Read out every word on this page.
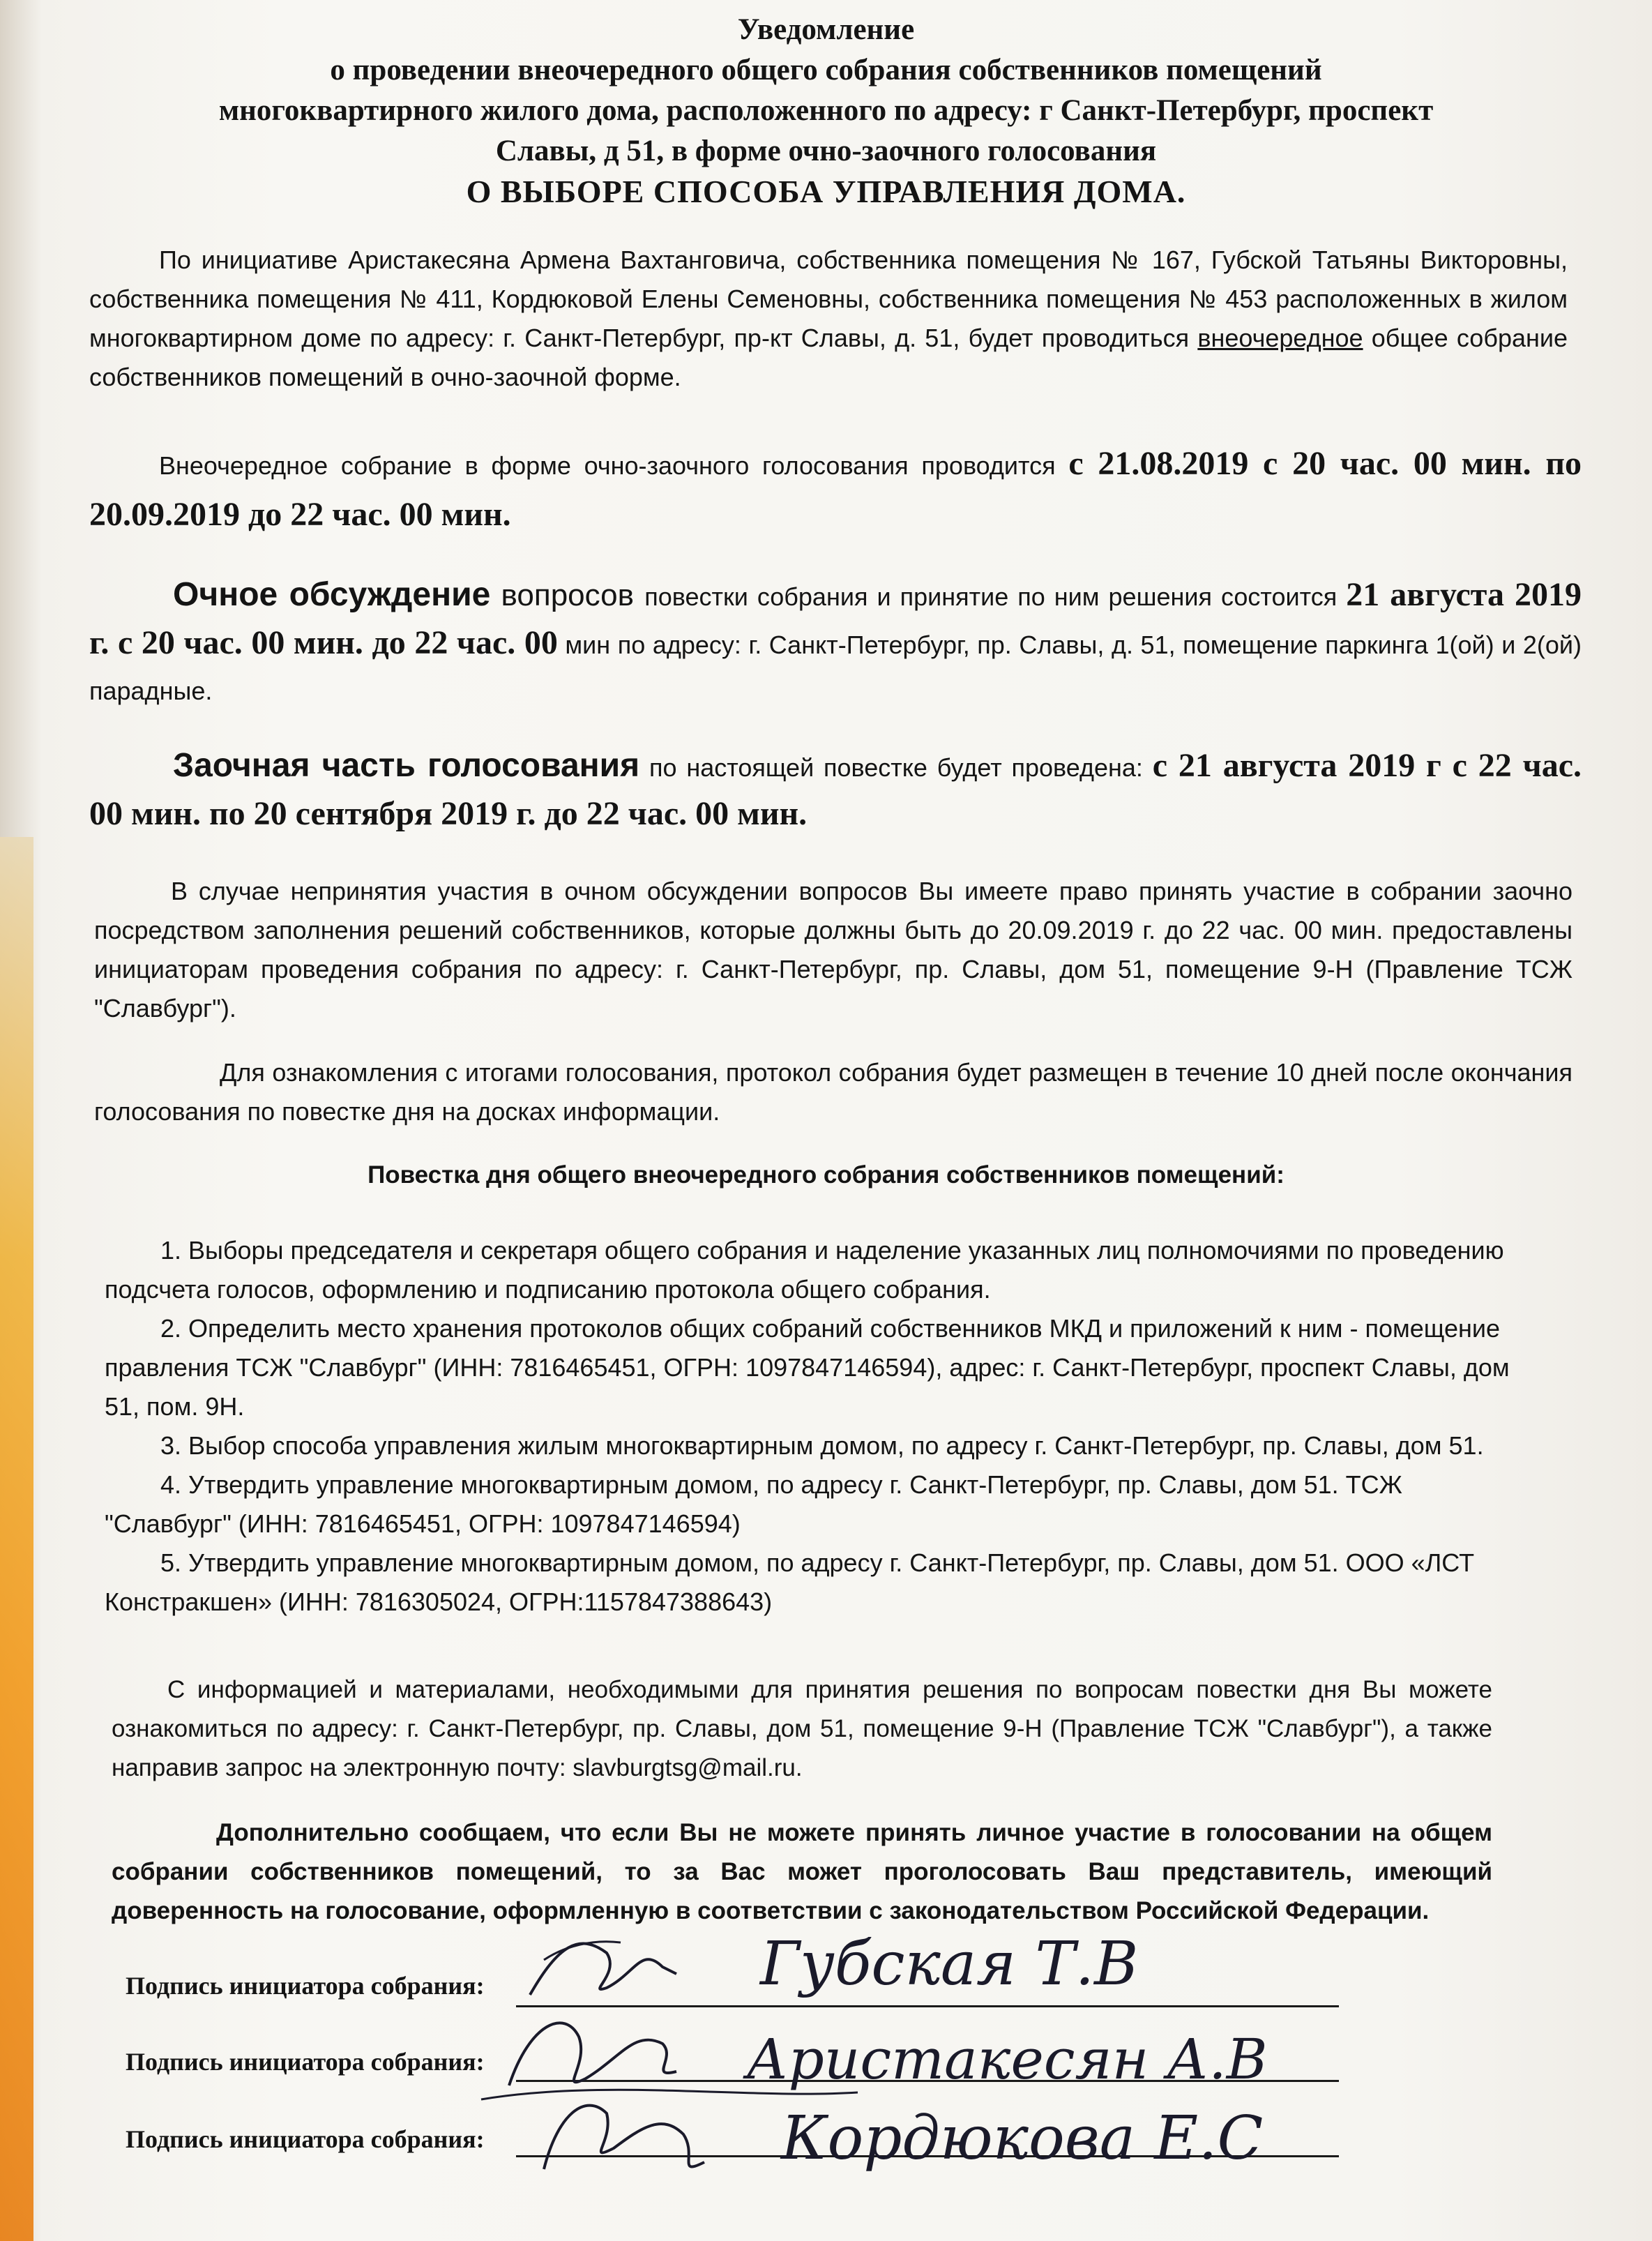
Уведомление
о проведении внеочередного общего собрания собственников помещений
многоквартирного жилого дома, расположенного по адресу: г Санкт-Петербург, проспект
Славы, д 51, в форме очно-заочного голосования
О ВЫБОРЕ СПОСОБА УПРАВЛЕНИЯ ДОМА.
По инициативе Аристакесяна Армена Вахтанговича, собственника помещения № 167, Губской Татьяны Викторовны, собственника помещения № 411, Кордюковой Елены Семеновны, собственника помещения № 453 расположенных в жилом многоквартирном доме по адресу: г. Санкт-Петербург, пр-кт Славы, д. 51, будет проводиться внеочередное общее собрание собственников помещений в очно-заочной форме.
Внеочередное собрание в форме очно-заочного голосования проводится с 21.08.2019 с 20 час. 00 мин. по 20.09.2019 до 22 час. 00 мин.
Очное обсуждение вопросов повестки собрания и принятие по ним решения состоится 21 августа 2019 г. с 20 час. 00 мин. до 22 час. 00 мин по адресу: г. Санкт-Петербург, пр. Славы, д. 51, помещение паркинга 1(ой) и 2(ой) парадные.
Заочная часть голосования по настоящей повестке будет проведена: с 21 августа 2019 г с 22 час. 00 мин. по 20 сентября 2019 г. до 22 час. 00 мин.
В случае непринятия участия в очном обсуждении вопросов Вы имеете право принять участие в собрании заочно посредством заполнения решений собственников, которые должны быть до 20.09.2019 г. до 22 час. 00 мин. предоставлены инициаторам проведения собрания по адресу: г. Санкт-Петербург, пр. Славы, дом 51, помещение 9-Н (Правление ТСЖ "Славбург").
Для ознакомления с итогами голосования, протокол собрания будет размещен в течение 10 дней после окончания голосования по повестке дня на досках информации.
Повестка дня общего внеочередного собрания собственников помещений:

1. Выборы председателя и секретаря общего собрания и наделение указанных лиц полномочиями по проведению подсчета голосов, оформлению и подписанию протокола общего собрания.

2. Определить место хранения протоколов общих собраний собственников МКД и приложений к ним - помещение правления ТСЖ "Славбург" (ИНН: 7816465451, ОГРН: 1097847146594), адрес: г. Санкт-Петербург, проспект Славы, дом 51, пом. 9Н.

3. Выбор способа управления жилым многоквартирным домом, по адресу г. Санкт-Петербург, пр. Славы, дом 51.

4. Утвердить управление многоквартирным домом, по адресу г. Санкт-Петербург, пр. Славы, дом 51. ТСЖ "Славбург" (ИНН: 7816465451, ОГРН: 1097847146594)

5. Утвердить управление многоквартирным домом, по адресу г. Санкт-Петербург, пр. Славы, дом 51. ООО «ЛСТ Констракшен» (ИНН: 7816305024, ОГРН:1157847388643)

С информацией и материалами, необходимыми для принятия решения по вопросам повестки дня Вы можете ознакомиться по адресу: г. Санкт-Петербург, пр. Славы, дом 51, помещение 9-Н (Правление ТСЖ "Славбург"), а также направив запрос на электронную почту: slavburgtsg@mail.ru.
Дополнительно сообщаем, что если Вы не можете принять личное участие в голосовании на общем собрании собственников помещений, то за Вас может проголосовать Ваш представитель, имеющий доверенность на голосование, оформленную в соответствии с законодательством Российской Федерации.
Подпись инициатора собрания:	Губская Т.В
Подпись инициатора собрания:	Аристакесян А.В
Подпись инициатора собрания:	Кордюкова Е.С
